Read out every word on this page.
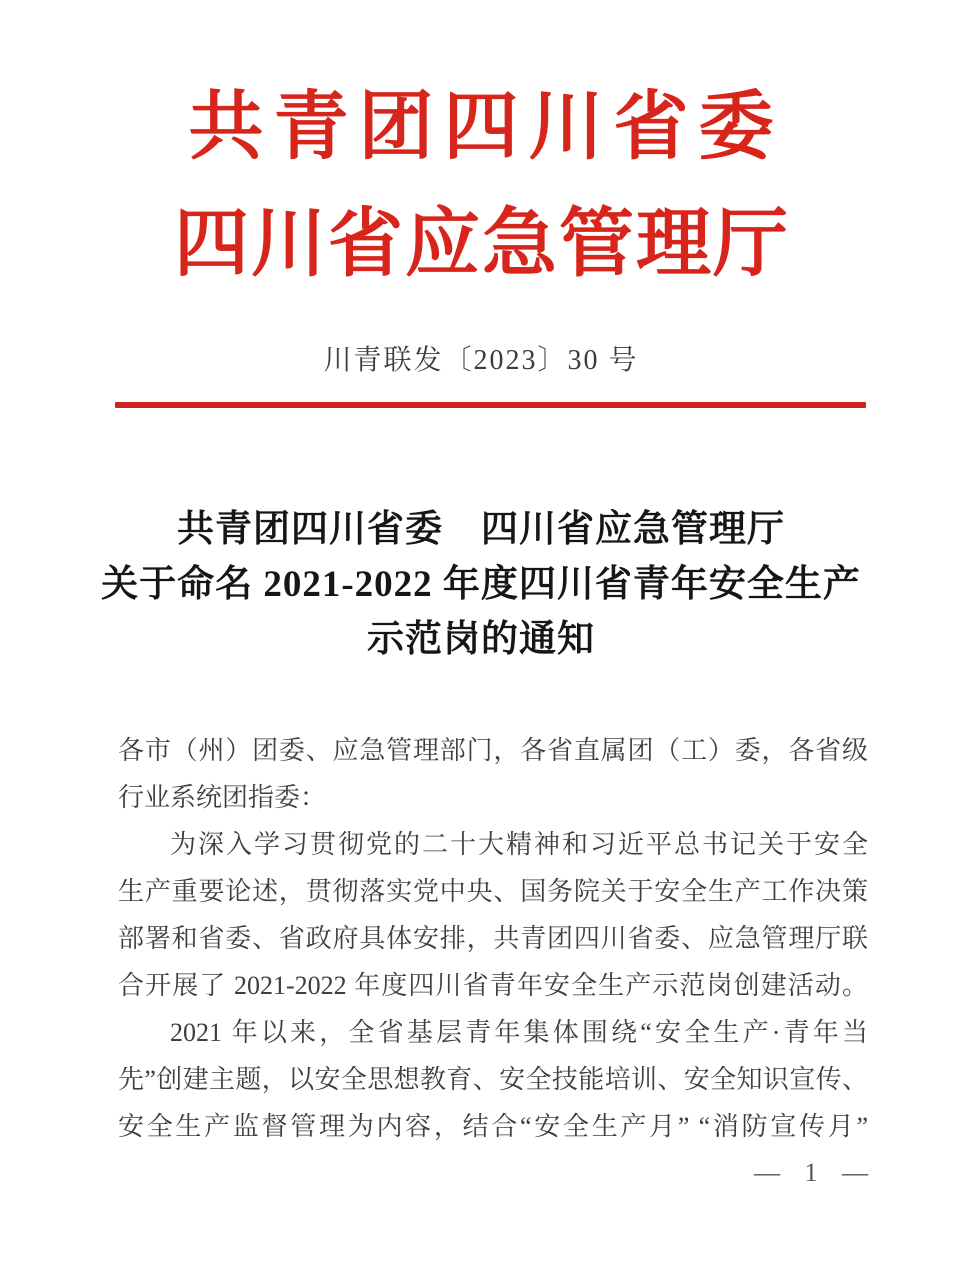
共青团四川省委
四川省应急管理厅
川青联发〔2023〕30 号
共青团四川省委　四川省应急管理厅
关于命名 2021-2022 年度四川省青年安全生产
示范岗的通知
各市（州）团委、应急管理部门，各省直属团（工）委，各省级
行业系统团指委：
为深入学习贯彻党的二十大精神和习近平总书记关于安全
生产重要论述，贯彻落实党中央、国务院关于安全生产工作决策
部署和省委、省政府具体安排，共青团四川省委、应急管理厅联
合开展了 2021-2022 年度四川省青年安全生产示范岗创建活动。
2021 年以来，全省基层青年集体围绕“安全生产·青年当
先”创建主题，以安全思想教育、安全技能培训、安全知识宣传、
安全生产监督管理为内容，结合“安全生产月” “消防宣传月”
— 1 —
